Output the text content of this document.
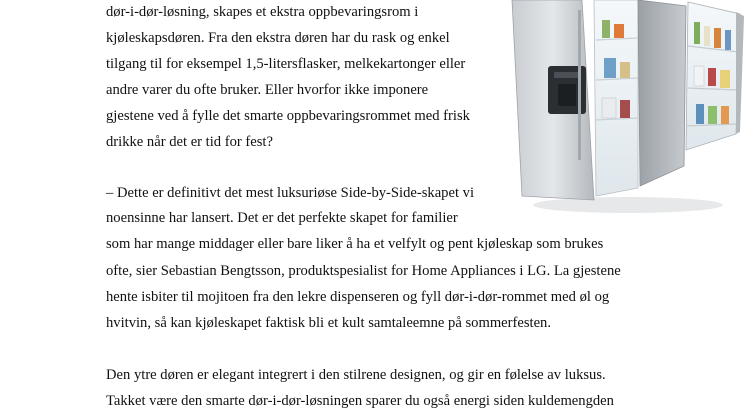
dør-i-dør-løsning, skapes et ekstra oppbevaringsrom i

kjøleskapsdøren. Fra den ekstra døren har du rask og enkel

tilgang til for eksempel 1,5-litersflasker, melkekartonger eller

andre varer du ofte bruker. Eller hvorfor ikke imponere

gjestene ved å fylle det smarte oppbevaringsrommet med frisk

drikke når det er tid for fest?

– Dette er definitivt det mest luksuriøse Side-by-Side-skapet vi

noensinne har lansert. Det er det perfekte skapet for familier

som har mange middager eller bare liker å ha et velfylt og pent kjøleskap som brukes

ofte, sier Sebastian Bengtsson, produktspesialist for Home Appliances i LG. La gjestene

hente isbiter til mojitoen fra den lekre dispenseren og fyll dør-i-dør-rommet med øl og

hvitvin, så kan kjøleskapet faktisk bli et kult samtaleemne på sommerfesten.

Den ytre døren er elegant integrert i den stilrene designen, og gir en følelse av luksus.

Takket være den smarte dør-i-dør-løsningen sparer du også energi siden kuldemengden
